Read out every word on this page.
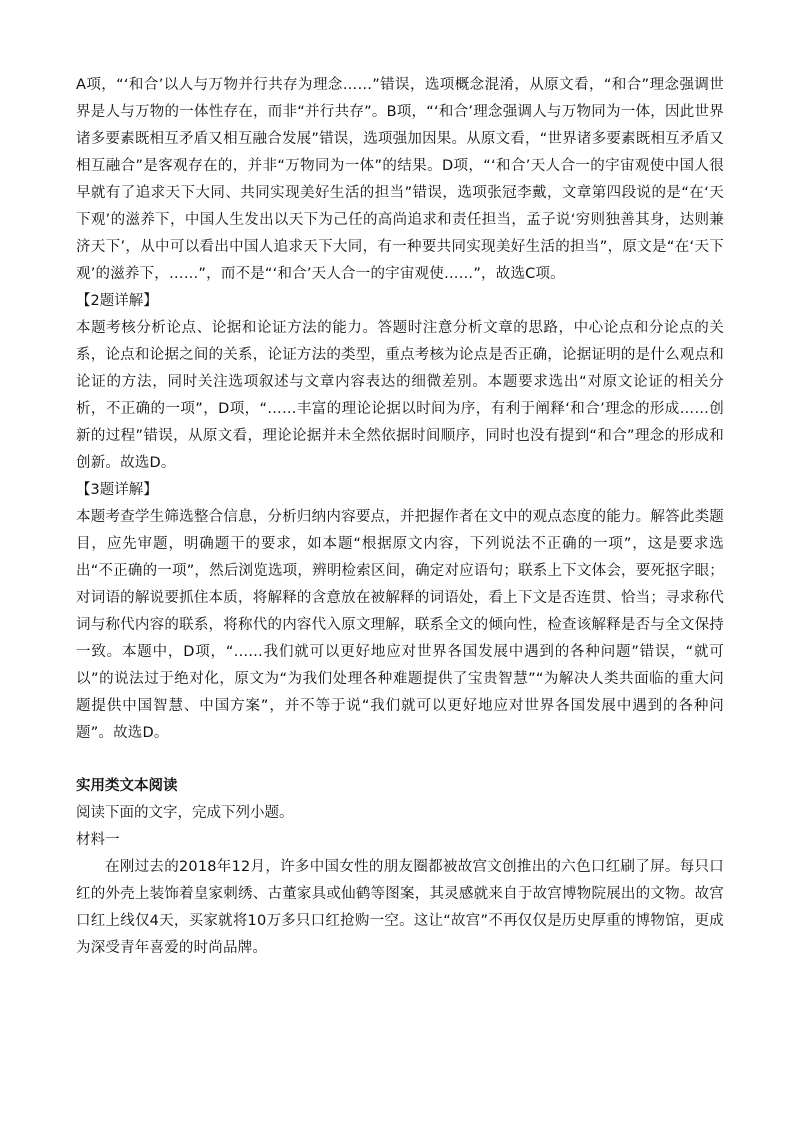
A项，“‘和合’以人与万物并行共存为理念……”错误，选项概念混淆，从原文看，“和合”理念强调世界是人与万物的一体性存在，而非“并行共存”。B项，“‘和合’理念强调人与万物同为一体，因此世界诸多要素既相互矛盾又相互融合发展”错误，选项强加因果。从原文看，“世界诸多要素既相互矛盾又相互融合”是客观存在的，并非“万物同为一体”的结果。D项，“‘和合’天人合一的宇宙观使中国人很早就有了追求天下大同、共同实现美好生活的担当”错误，选项张冠李戴，文章第四段说的是“在‘天下观’的滋养下，中国人生发出以天下为己任的高尚追求和责任担当，孟子说‘穷则独善其身，达则兼济天下’，从中可以看出中国人追求天下大同，有一种要共同实现美好生活的担当”，原文是“在‘天下观’的滋养下，……”，而不是“‘和合’天人合一的宇宙观使……”，故选C项。

【2题详解】

本题考核分析论点、论据和论证方法的能力。答题时注意分析文章的思路，中心论点和分论点的关系，论点和论据之间的关系，论证方法的类型，重点考核为论点是否正确，论据证明的是什么观点和论证的方法，同时关注选项叙述与文章内容表达的细微差别。本题要求选出“对原文论证的相关分析，不正确的一项”，D项，“……丰富的理论论据以时间为序，有利于阐释‘和合’理念的形成……创新的过程”错误，从原文看，理论论据并未全然依据时间顺序，同时也没有提到“和合”理念的形成和创新。故选D。

【3题详解】

本题考查学生筛选整合信息，分析归纳内容要点，并把握作者在文中的观点态度的能力。解答此类题目，应先审题，明确题干的要求，如本题“根据原文内容，下列说法不正确的一项”，这是要求选出“不正确的一项”，然后浏览选项，辨明检索区间，确定对应语句；联系上下文体会，要死抠字眼；对词语的解说要抓住本质，将解释的含意放在被解释的词语处，看上下文是否连贯、恰当；寻求称代词与称代内容的联系，将称代的内容代入原文理解，联系全文的倾向性，检查该解释是否与全文保持一致。本题中，D项，“……我们就可以更好地应对世界各国发展中遇到的各种问题”错误，“就可以”的说法过于绝对化，原文为“为我们处理各种难题提供了宝贵智慧”“为解决人类共面临的重大问题提供中国智慧、中国方案”，并不等于说“我们就可以更好地应对世界各国发展中遇到的各种问题”。故选D。

实用类文本阅读

阅读下面的文字，完成下列小题。

材料一

在刚过去的2018年12月，许多中国女性的朋友圈都被故宫文创推出的六色口红刷了屏。每只口红的外壳上装饰着皇家刺绣、古董家具或仙鹤等图案，其灵感就来自于故宫博物院展出的文物。故宫口红上线仅4天，买家就将10万多只口红抢购一空。这让“故宫”不再仅仅是历史厚重的博物馆，更成为深受青年喜爱的时尚品牌。
